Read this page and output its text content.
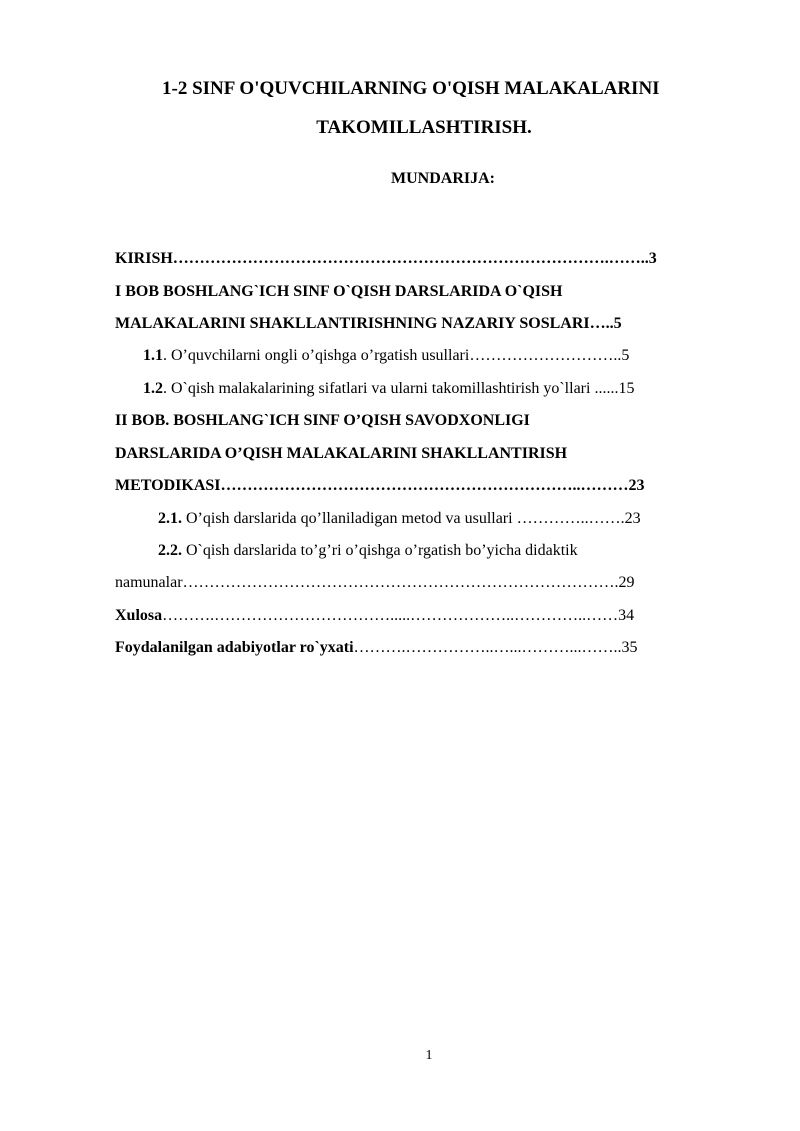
1-2 SINF O'QUVCHILARNING O'QISH MALAKALARINI
TAKOMILLASHTIRISH.
MUNDARIJA:
KIRISH……………………………………………………………………….……..3
I BOB BOSHLANG`ICH SINF O`QISH DARSLARIDA O`QISH
MALAKALARINI SHAKLLANTIRISHNING NAZARIY SOSLARI…..5
1.1. O’quvchilarni ongli o’qishga o’rgatish usullari………………………..5
1.2. O`qish malakalarining sifatlari va ularni takomillashtirish yo`llari ......15
II BOB. BOSHLANG`ICH SINF O’QISH SAVODXONLIGI
DARSLARIDA O’QISH MALAKALARINI SHAKLLANTIRISH
METODIKASI…………………………………………………………..………23
2.1. O’qish darslarida qo’llaniladigan metod va usullari …………..…….23
2.2. O`qish darslarida to’g’ri o’qishga o’rgatish bo’yicha didaktik
namunalar……………………………………………………………………….29
Xulosa……….…………………………….....………………..…………..……34
Foydalanilgan adabiyotlar ro`yxati……….……………..…...………...……..35
1
